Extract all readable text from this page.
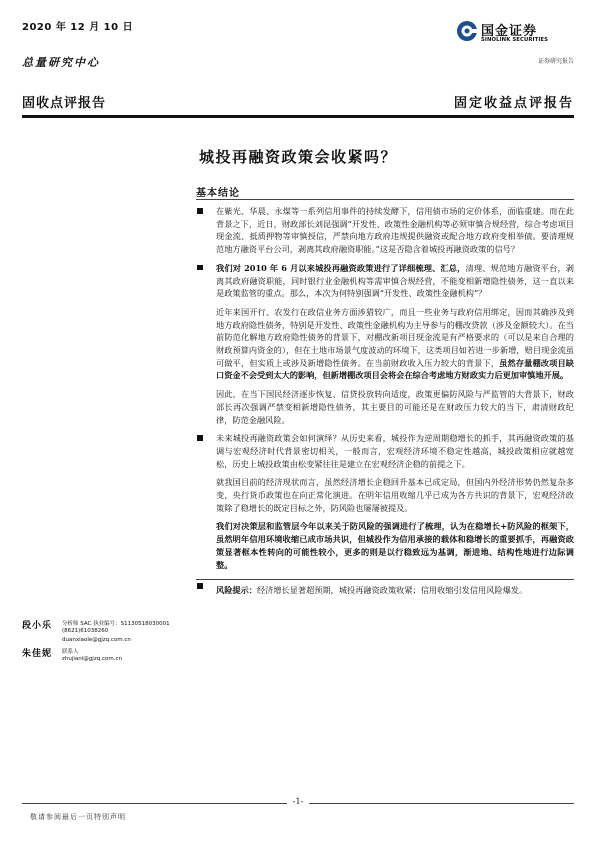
2020 年 12 月 10 日
总量研究中心
固收点评报告	固定收益点评报告
国金证券
SINOLINK SECURITIES
证券研究报告
城投再融资政策会收紧吗？
基本结论
在紫光、华晨、永煤等一系列信用事件的持续发酵下，信用债市场的定价体系，面临重建。而在此背景之下，近日，财政部长刘昆强调“开发性、政策性金融机构等必须审慎合规经营，综合考虑项目现金流、抵质押物等审慎授信，严禁向地方政府违规提供融资或配合地方政府变相举债。要清理规范地方融资平台公司，剥离其政府融资职能。”这是否隐含着城投再融资政策的信号？
我们对 2010 年 6 月以来城投再融资政策进行了详细梳理、汇总，清理、规范地方融资平台，剥离其政府融资职能，同时银行业金融机构等需审慎合规经营，不能变相新增隐性债务，这一直以来是政策监管的重点。那么，本次为何特别强调“开发性、政策性金融机构”？
近年来国开行、农发行在政信业务方面涉猎较广，而且一些业务与政府信用绑定，因而其确涉及到地方政府隐性债务，特别是开发性、政策性金融机构为主导参与的棚改贷款（涉及金额较大）。在当前防范化解地方政府隐性债务的背景下，对棚改新项目现金流是有严格要求的（可以是来自合理的财政预算内资金的），但在土地市场景气度波动的环境下，这类项目如若进一步新增，赔目现金流虽可做平，但实质上或涉及新增隐性债务。在当前财政收入压力较大的背景下，虽然存量棚改项目缺口资金不会受到太大的影响，但新增棚改项目会将会在综合考虑地方财政实力后更加审慎地开展。
因此，在当下国民经济逐步恢复、信贷投放转向适度，政策更偏防风险与严监管的大背景下，财政部长再次强调严禁变相新增隐性债务，其主要目的可能还是在财政压力较大的当下，肃清财政纪律，防范金融风险。
未来城投再融资政策会如何演绎？从历史来看，城投作为逆周期稳增长的抓手，其再融资政策的基调与宏观经济时代背景密切相关，一般而言，宏观经济环境不稳定性越高，城投政策相应就越宽松，历史上城投政策由松变紧往往是建立在宏观经济企稳的前提之下。
就我国目前的经济现状而言，虽然经济增长企稳回升基本已成定局，但国内外经济形势仍然复杂多变，央行货币政策也在向正常化演进。在明年信用收缩几乎已成为各方共识的背景下，宏观经济政策除了稳增长的既定目标之外，防风险也屡屡被提及。
我们对决策层和监管层今年以来关于防风险的强调进行了梳理，认为在稳增长+防风险的框架下，虽然明年信用环境收缩已成市场共识，但城投作为信用承接的载体和稳增长的重要抓手，再融资政策显著框本性转向的可能性较小，更多的则是以行稳致远为基调，渐进地、结构性地进行边际调整。
风险提示：经济增长显著超预期，城投再融资政策收紧；信用收缩引发信用风险爆发。
段小乐 分析师 SAC 执业编号：S1130518030001
(8621)61038260
duanxiaole@gjzq.com.cn
朱佳妮 联系人
zhujiani@gjzq.com.cn
-1-
敬请参阅最后一页特别声明
